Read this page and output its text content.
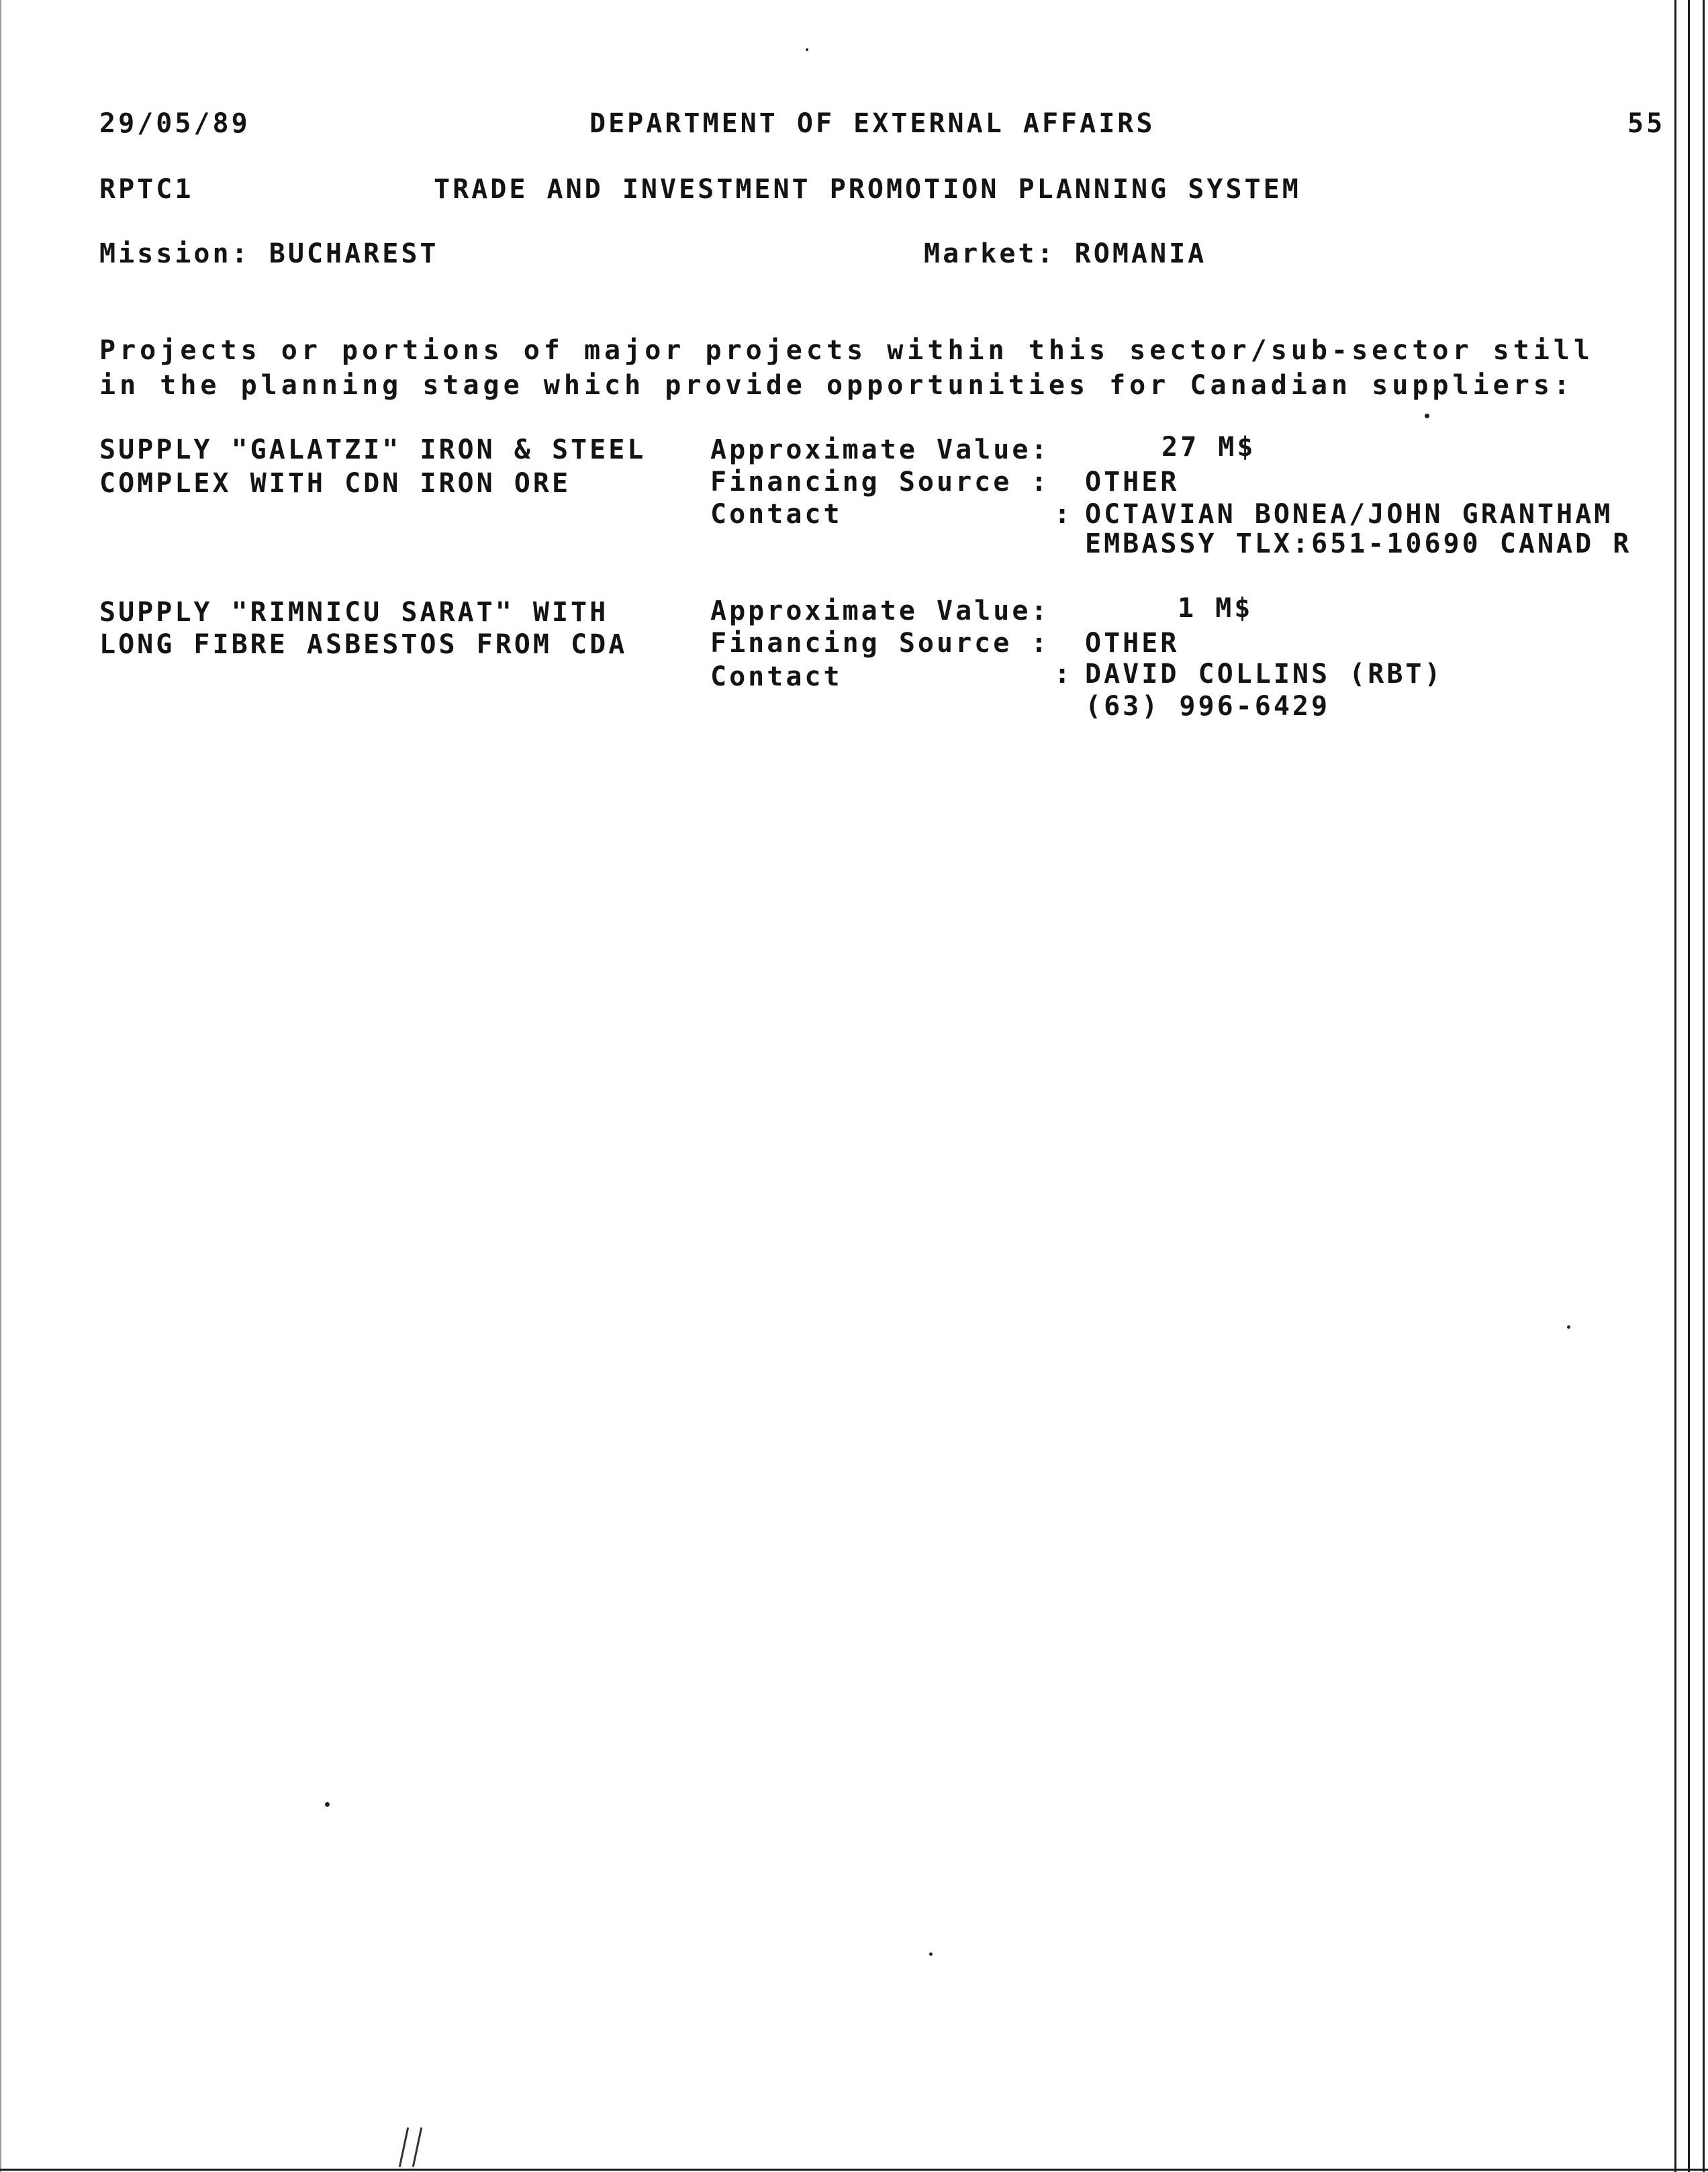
29/05/89	DEPARTMENT OF EXTERNAL AFFAIRS	55
RPTC1	TRADE AND INVESTMENT PROMOTION PLANNING SYSTEM
Mission: BUCHAREST	Market: ROMANIA
Projects or portions of major projects within this sector/sub-sector still
in the planning stage which provide opportunities for Canadian suppliers:
SUPPLY "GALATZI" IRON & STEEL
COMPLEX WITH CDN IRON ORE
Approximate Value:	27 M$
Financing Source : OTHER
Contact	: OCTAVIAN BONEA/JOHN GRANTHAM
EMBASSY TLX:651-10690 CANAD R
SUPPLY "RIMNICU SARAT" WITH
LONG FIBRE ASBESTOS FROM CDA
Approximate Value:	1 M$
Financing Source : OTHER
Contact	: DAVID COLLINS (RBT)
(63) 996-6429
